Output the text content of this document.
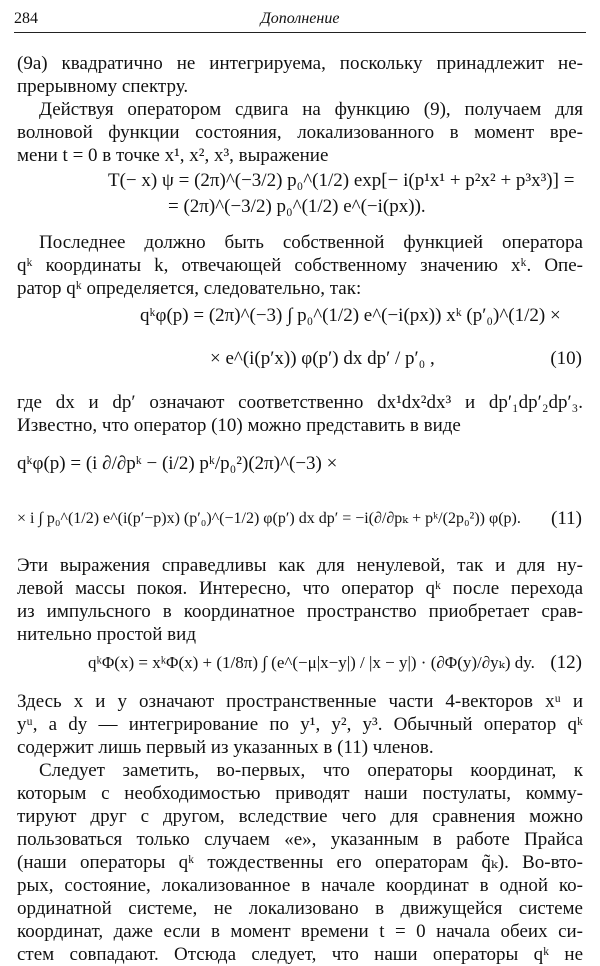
284	Дополнение
(9а) квадратично не интегрируема, поскольку принадлежит не-
прерывному спектру.
Действуя оператором сдвига на функцию (9), получаем для
волновой функции состояния, локализованного в момент вре-
мени t = 0 в точке x¹, x², x³, выражение
T(− x) ψ = (2π)^(−3/2) p₀^(1/2) exp[− i(p¹x¹ + p²x² + p³x³)] =
= (2π)^(−3/2) p₀^(1/2) e^(−i(px)).
Последнее должно быть собственной функцией оператора
qᵏ координаты k, отвечающей собственному значению xᵏ. Опе-
ратор qᵏ определяется, следовательно, так:
qᵏφ(p) = (2π)^(−3) ∫ p₀^(1/2) e^(−i(px)) xᵏ (p′₀)^(1/2) ×
× e^(i(p′x)) φ(p′) dx dp′ / p′₀ ,	(10)
где dx и dp′ означают соответственно dx¹dx²dx³ и dp′₁dp′₂dp′₃.
Известно, что оператор (10) можно представить в виде
qᵏφ(p) = (i ∂/∂pᵏ − (i/2) pᵏ/p₀²)(2π)^(−3) ×
× i ∫ p₀^(1/2) e^(i(p′−p)x) (p′₀)^(−1/2) φ(p′) dx dp′ = −i(∂/∂pₖ + pᵏ/(2p₀²)) φ(p). (11)
Эти выражения справедливы как для ненулевой, так и для ну-
левой массы покоя. Интересно, что оператор qᵏ после перехода
из импульсного в координатное пространство приобретает срав-
нительно простой вид
qᵏΦ(x) = xᵏΦ(x) + (1/8π) ∫ (e^(−μ|x−y|) / |x − y|) · (∂Φ(y)/∂yₖ) dy. (12)
Здесь x и y означают пространственные части 4-векторов xᵘ и
yᵘ, а dy — интегрирование по y¹, y², y³. Обычный оператор qᵏ
содержит лишь первый из указанных в (11) членов.
Следует заметить, во-первых, что операторы координат, к
которым с необходимостью приводят наши постулаты, комму-
тируют друг с другом, вследствие чего для сравнения можно
пользоваться только случаем «е», указанным в работе Прайса
(наши операторы qᵏ тождественны его операторам q̃ₖ). Во-вто-
рых, состояние, локализованное в начале координат в одной ко-
ординатной системе, не локализовано в движущейся системе
координат, даже если в момент времени t = 0 начала обеих си-
стем совпадают. Отсюда следует, что наши операторы qᵏ не
